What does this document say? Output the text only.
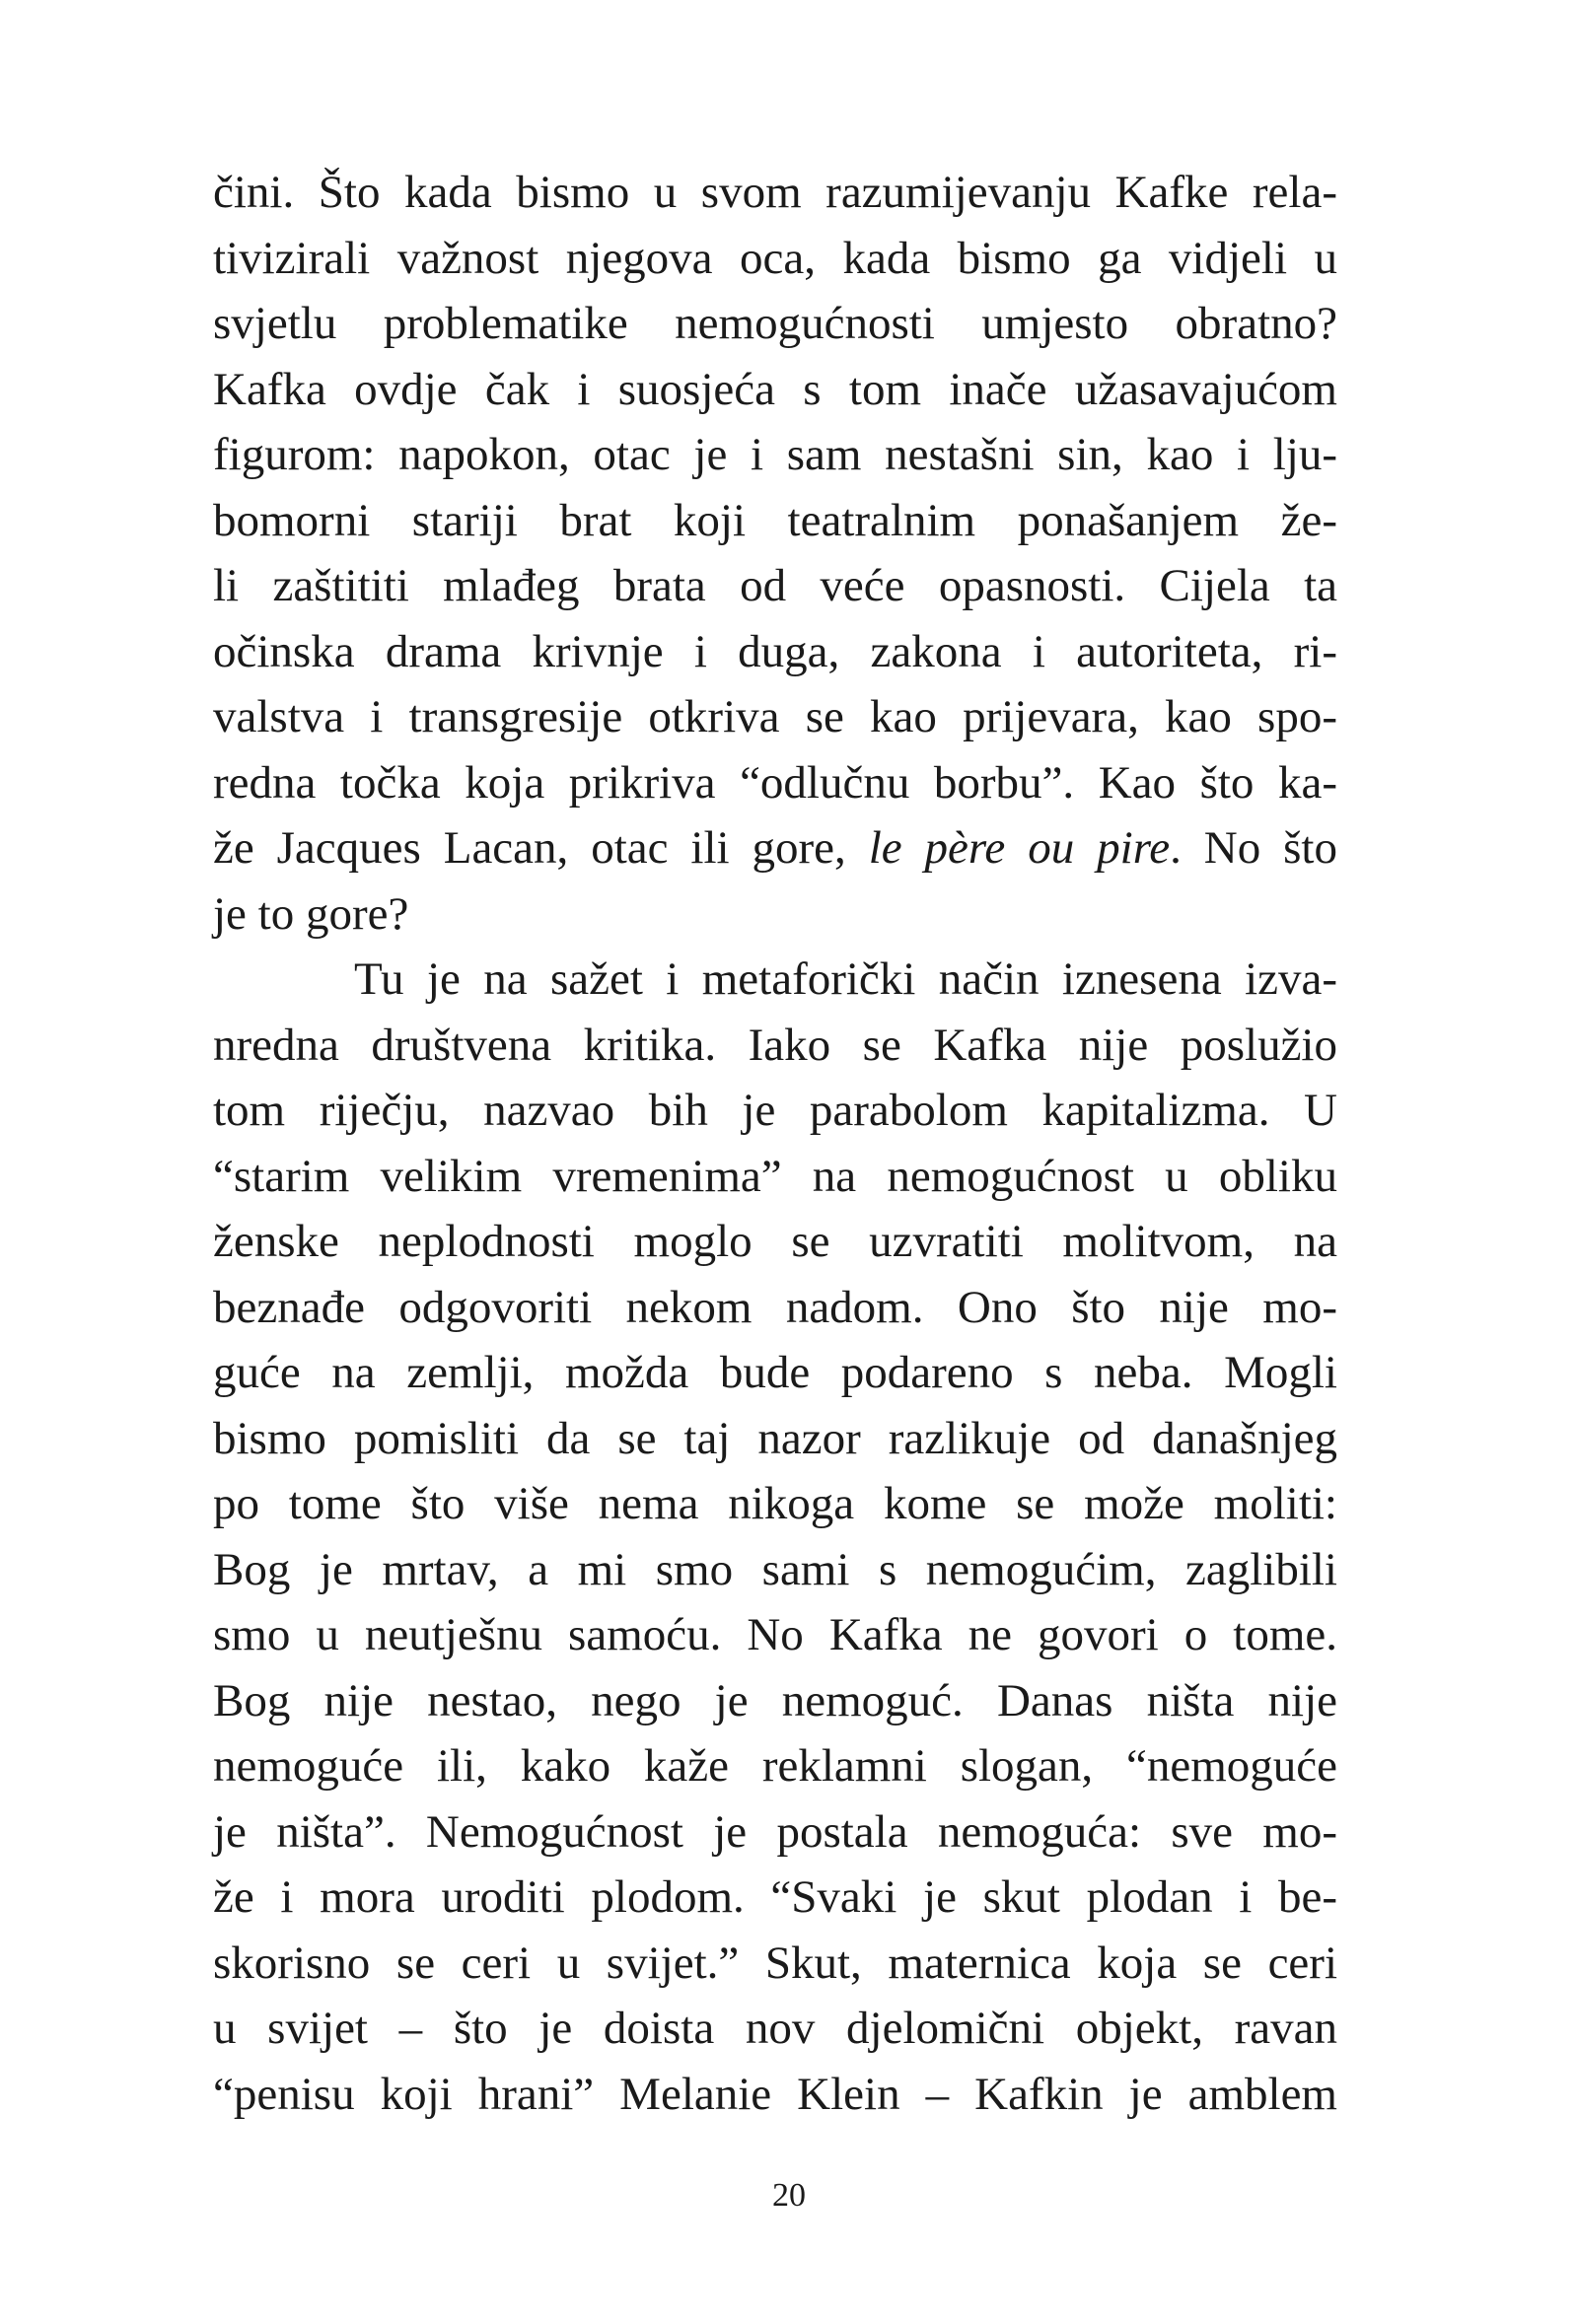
čini. Što kada bismo u svom razumijevanju Kafke rela-
tivizirali važnost njegova oca, kada bismo ga vidjeli u
svjetlu problematike nemogućnosti umjesto obratno?
Kafka ovdje čak i suosjeća s tom inače užasavajućom
figurom: napokon, otac je i sam nestašni sin, kao i lju-
bomorni stariji brat koji teatralnim ponašanjem že-
li zaštititi mlađeg brata od veće opasnosti. Cijela ta
očinska drama krivnje i duga, zakona i autoriteta, ri-
valstva i transgresije otkriva se kao prijevara, kao spo-
redna točka koja prikriva “odlučnu borbu”. Kao što ka-
že Jacques Lacan, otac ili gore, le père ou pire. No što
je to gore?
Tu je na sažet i metaforički način iznesena izva-
nredna društvena kritika. Iako se Kafka nije poslužio
tom riječju, nazvao bih je parabolom kapitalizma. U
“starim velikim vremenima” na nemogućnost u obliku
ženske neplodnosti moglo se uzvratiti molitvom, na
beznađe odgovoriti nekom nadom. Ono što nije mo-
guće na zemlji, možda bude podareno s neba. Mogli
bismo pomisliti da se taj nazor razlikuje od današnjeg
po tome što više nema nikoga kome se može moliti:
Bog je mrtav, a mi smo sami s nemogućim, zaglibili
smo u neutješnu samoću. No Kafka ne govori o tome.
Bog nije nestao, nego je nemoguć. Danas ništa nije
nemoguće ili, kako kaže reklamni slogan, “nemoguće
je ništa”. Nemogućnost je postala nemoguća: sve mo-
že i mora uroditi plodom. “Svaki je skut plodan i be-
skorisno se ceri u svijet.” Skut, maternica koja se ceri
u svijet – što je doista nov djelomični objekt, ravan
“penisu koji hrani” Melanie Klein – Kafkin je amblem
20
